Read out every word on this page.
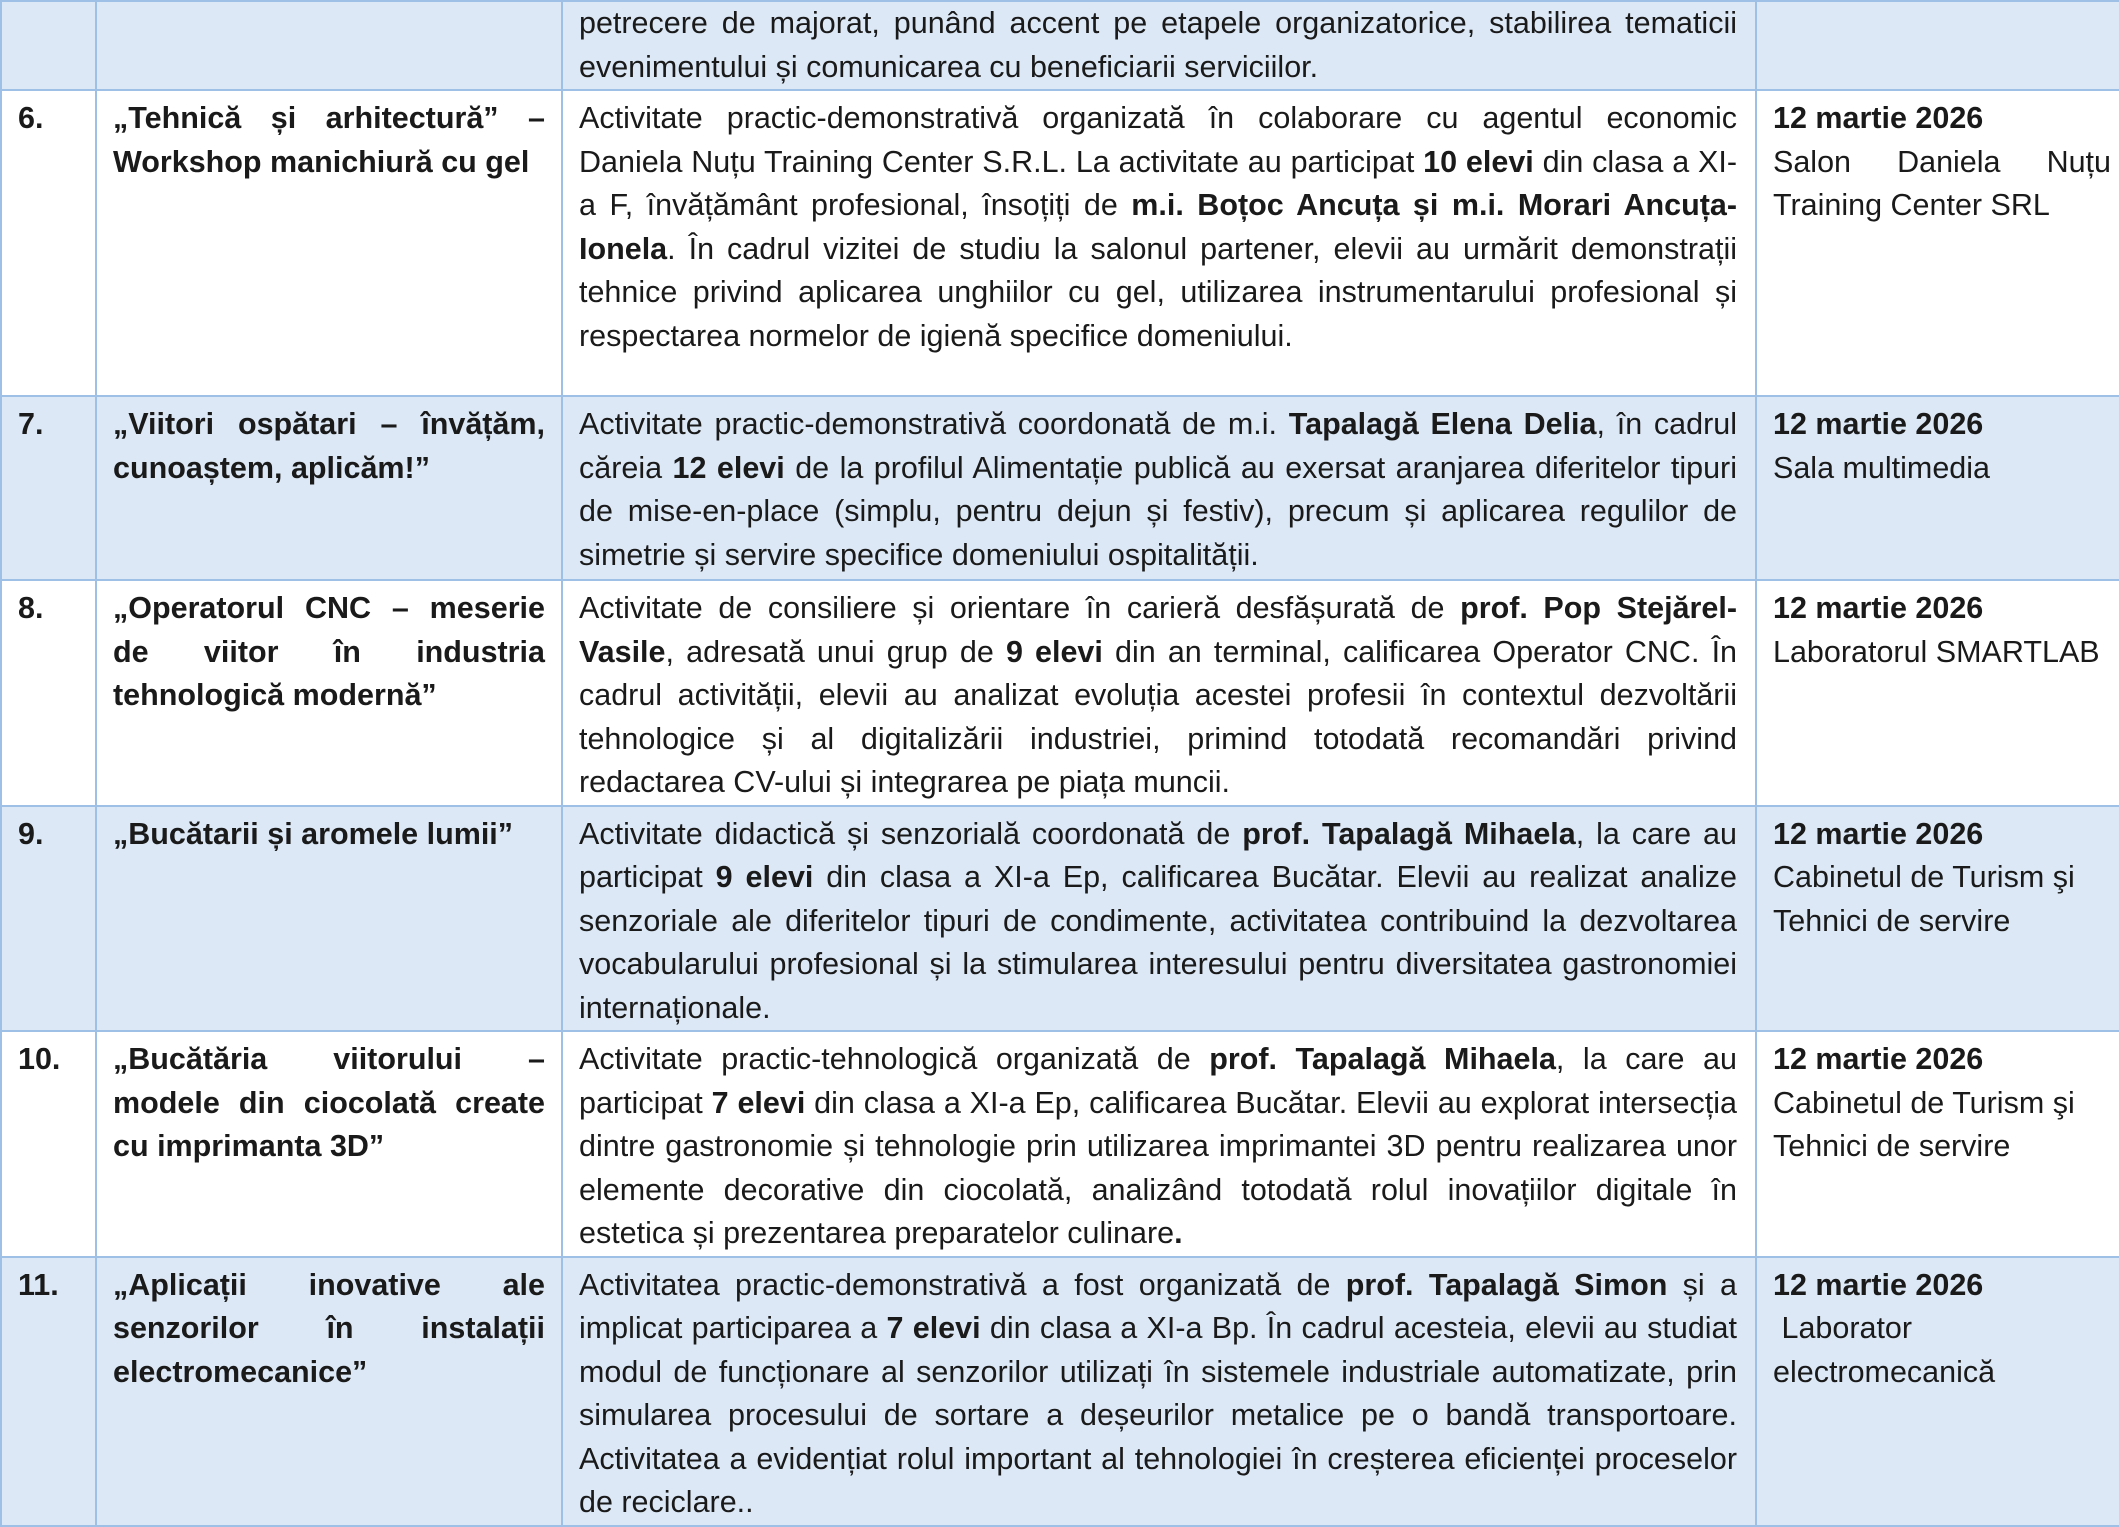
		petrecere de majorat, punând accent pe etapele organizatorice, stabilirea tematicii evenimentului și comunicarea cu beneficiarii serviciilor.	
6.	„Tehnică și arhitectură” – Workshop manichiură cu gel	Activitate practic-demonstrativă organizată în colaborare cu agentul economic Daniela Nuțu Training Center S.R.L. La activitate au participat 10 elevi din clasa a XI-a F, învățământ profesional, însoțiți de m.i. Boțoc Ancuța și m.i. Morari Ancuța-Ionela. În cadrul vizitei de studiu la salonul partener, elevii au urmărit demonstrații tehnice privind aplicarea unghiilor cu gel, utilizarea instrumentarului profesional și respectarea normelor de igienă specifice domeniului.	12 martie 2026
Salon Daniela Nuțu Training Center SRL

7.	„Viitori ospătari – învățăm, cunoaștem, aplicăm!”	Activitate practic-demonstrativă coordonată de m.i. Tapalagă Elena Delia, în cadrul căreia 12 elevi de la profilul Alimentație publică au exersat aranjarea diferitelor tipuri de mise-en-place (simplu, pentru dejun și festiv), precum și aplicarea regulilor de simetrie și servire specifice domeniului ospitalității.	12 martie 2026
Sala multimedia

8.	„Operatorul CNC – meserie de viitor în industria tehnologică modernă”	Activitate de consiliere și orientare în carieră desfășurată de prof. Pop Stejărel-Vasile, adresată unui grup de 9 elevi din an terminal, calificarea Operator CNC. În cadrul activității, elevii au analizat evoluția acestei profesii în contextul dezvoltării tehnologice și al digitalizării industriei, primind totodată recomandări privind redactarea CV-ului și integrarea pe piața muncii.	12 martie 2026
Laboratorul SMARTLAB

9.	„Bucătarii și aromele lumii”	Activitate didactică și senzorială coordonată de prof. Tapalagă Mihaela, la care au participat 9 elevi din clasa a XI-a Ep, calificarea Bucătar. Elevii au realizat analize senzoriale ale diferitelor tipuri de condimente, activitatea contribuind la dezvoltarea vocabularului profesional și la stimularea interesului pentru diversitatea gastronomiei internaționale.	12 martie 2026
Cabinetul de Turism şi Tehnici de servire

10.	„Bucătăria viitorului – modele din ciocolată create cu imprimanta 3D”	Activitate practic-tehnologică organizată de prof. Tapalagă Mihaela, la care au participat 7 elevi din clasa a XI-a Ep, calificarea Bucătar. Elevii au explorat intersecția dintre gastronomie și tehnologie prin utilizarea imprimantei 3D pentru realizarea unor elemente decorative din ciocolată, analizând totodată rolul inovațiilor digitale în estetica și prezentarea preparatelor culinare.	12 martie 2026
Cabinetul de Turism şi Tehnici de servire

11.	„Aplicații inovative ale senzorilor în instalații electromecanice”	Activitatea practic-demonstrativă a fost organizată de prof. Tapalagă Simon și a implicat participarea a 7 elevi din clasa a XI-a Bp. În cadrul acesteia, elevii au studiat modul de funcționare al senzorilor utilizați în sistemele industriale automatizate, prin simularea procesului de sortare a deșeurilor metalice pe o bandă transportoare. Activitatea a evidențiat rolul important al tehnologiei în creșterea eficienței proceselor de reciclare..	12 martie 2026
Laborator electromecanică
